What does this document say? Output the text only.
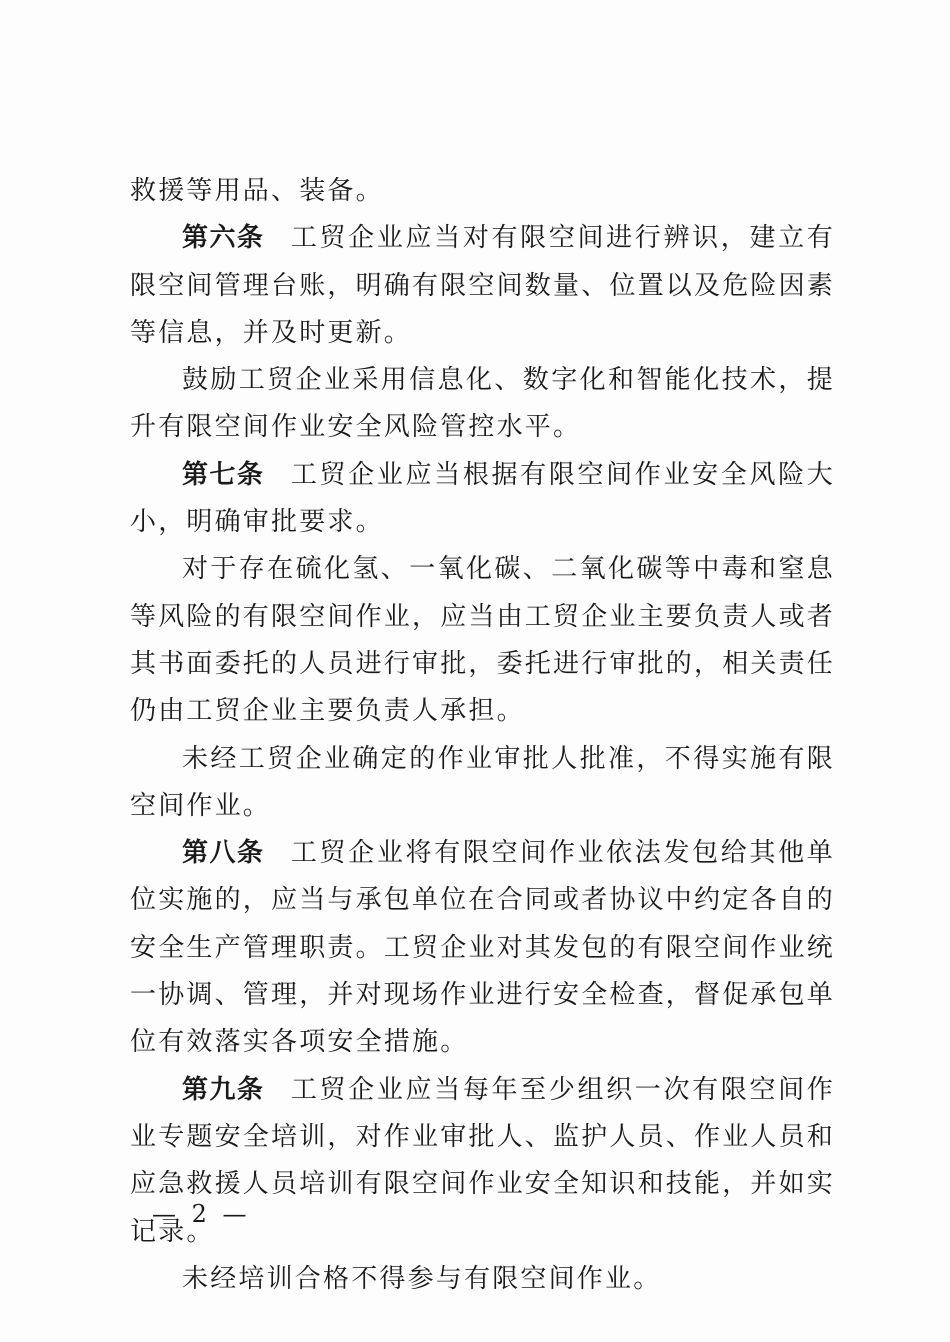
救援等用品、装备。

第六条 工贸企业应当对有限空间进行辨识，建立有限空间管理台账，明确有限空间数量、位置以及危险因素等信息，并及时更新。

鼓励工贸企业采用信息化、数字化和智能化技术，提升有限空间作业安全风险管控水平。

第七条 工贸企业应当根据有限空间作业安全风险大小，明确审批要求。

对于存在硫化氢、一氧化碳、二氧化碳等中毒和窒息等风险的有限空间作业，应当由工贸企业主要负责人或者其书面委托的人员进行审批，委托进行审批的，相关责任仍由工贸企业主要负责人承担。

未经工贸企业确定的作业审批人批准，不得实施有限空间作业。

第八条 工贸企业将有限空间作业依法发包给其他单位实施的，应当与承包单位在合同或者协议中约定各自的安全生产管理职责。工贸企业对其发包的有限空间作业统一协调、管理，并对现场作业进行安全检查，督促承包单位有效落实各项安全措施。

第九条 工贸企业应当每年至少组织一次有限空间作业专题安全培训，对作业审批人、监护人员、作业人员和应急救援人员培训有限空间作业安全知识和技能，并如实记录。

未经培训合格不得参与有限空间作业。

— 2 —
